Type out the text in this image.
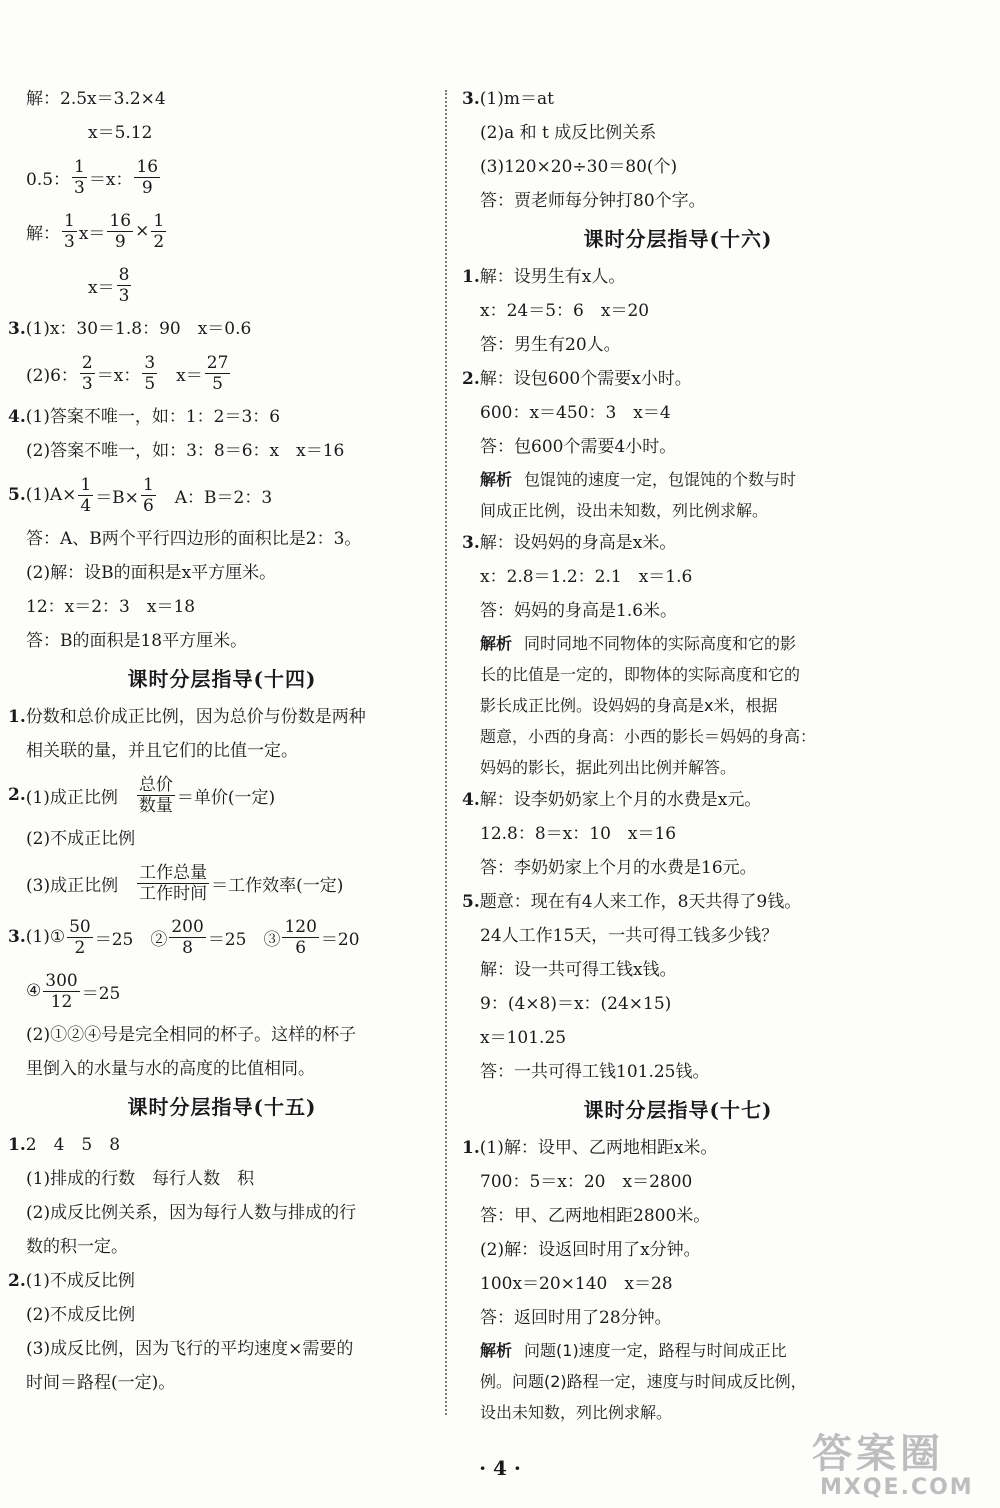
解：2.5x＝3.2×4
x＝5.12
0.5： $\frac{1}{3} =x$： $\frac{16}{9}$
解： $\frac{1}{3} x= \frac{16}{9} \times \frac{1}{2}$
$x= \frac{8}{3}$
3.(1)x：30＝1.8：90　x＝0.6
(2)6： $\frac{2}{3} =x$： $\frac{3}{5}$ 　$x= \frac{27}{5}$
4.(1)答案不唯一，如：1：2＝3：6
(2)答案不唯一，如：3：8＝6：x　x＝16
5. $(1)A\times \frac{1}{4} =B\times \frac{1}{6}$ 　A：B＝2：3
答：A、B两个平行四边形的面积比是2：3。
(2)解：设B的面积是x平方厘米。
12：x＝2：3　x＝18
答：B的面积是18平方厘米。
课时分层指导(十四)
1.份数和总价成正比例，因为总价与份数是两种
相关联的量，并且它们的比值一定。
2. (1)成正比例　 $\frac{\text{总价}}{\text{数量}}$ ＝单价(一定)
(2)不成正比例
(3)成正比例　 $\frac{\text{工作总量}}{\text{工作时间}}$ ＝工作效率(一定)
3. (1)① $\frac{50}{2} =25$　② $\frac{200}{8} =25$　③ $\frac{120}{6} =20$
④ $\frac{300}{12} =25$
(2)①②④号是完全相同的杯子。这样的杯子
里倒入的水量与水的高度的比值相同。
课时分层指导(十五)
1.2　4　5　8
(1)排成的行数　每行人数　积
(2)成反比例关系，因为每行人数与排成的行
数的积一定。
2.(1)不成反比例
(2)不成反比例
(3)成反比例，因为飞行的平均速度×需要的
时间＝路程(一定)。
3.(1)m＝at
(2)a 和 t 成反比例关系
(3)120×20÷30＝80(个)
答：贾老师每分钟打80个字。
课时分层指导(十六)
1.解：设男生有x人。
x：24＝5：6　x＝20
答：男生有20人。
2.解：设包600个需要x小时。
600：x＝450：3　x＝4
答：包600个需要4小时。
解析 包馄饨的速度一定，包馄饨的个数与时
间成正比例，设出未知数，列比例求解。
3.解：设妈妈的身高是x米。
x：2.8＝1.2：2.1　x＝1.6
答：妈妈的身高是1.6米。
解析 同时同地不同物体的实际高度和它的影
长的比值是一定的，即物体的实际高度和它的
影长成正比例。设妈妈的身高是x米，根据
题意，小西的身高：小西的影长＝妈妈的身高：
妈妈的影长，据此列出比例并解答。
4.解：设李奶奶家上个月的水费是x元。
12.8：8＝x：10　x＝16
答：李奶奶家上个月的水费是16元。
5.题意：现在有4人来工作，8天共得了9钱。
24人工作15天，一共可得工钱多少钱？
解：设一共可得工钱x钱。
9：(4×8)＝x：(24×15)
x＝101.25
答：一共可得工钱101.25钱。
课时分层指导(十七)
1.(1)解：设甲、乙两地相距x米。
700：5＝x：20　x＝2800
答：甲、乙两地相距2800米。
(2)解：设返回时用了x分钟。
100x＝20×140　x＝28
答：返回时用了28分钟。
解析 问题(1)速度一定，路程与时间成正比
例。问题(2)路程一定，速度与时间成反比例，
设出未知数，列比例求解。
· 4 ·	答案圈
MXQE.COM
